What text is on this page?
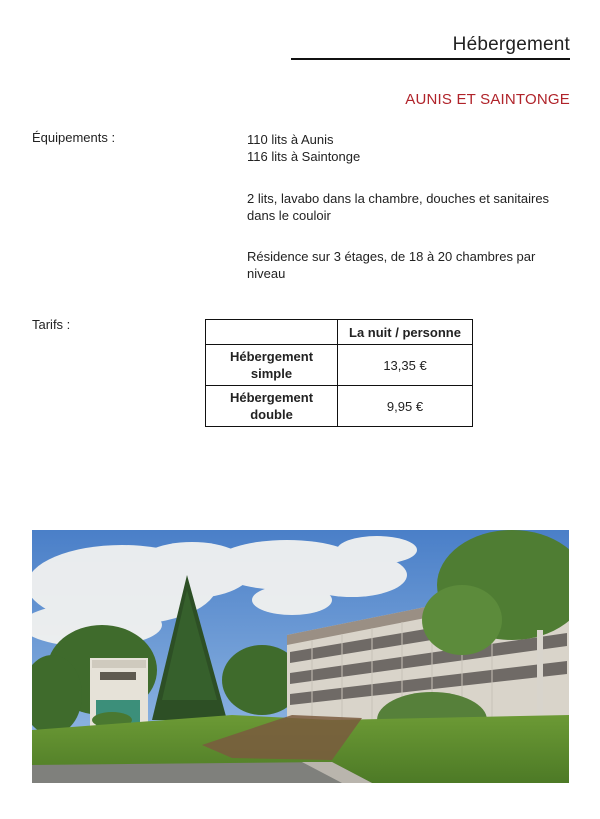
Hébergement
AUNIS ET SAINTONGE
Équipements :	110 lits à Aunis
116 lits à Saintonge
2 lits, lavabo dans la chambre, douches et sanitaires dans le couloir
Résidence sur 3 étages, de 18 à 20 chambres par niveau
Tarifs :
		La nuit / personne

Hébergement
simple	13,35 €

Hébergement
double	9,95 €
